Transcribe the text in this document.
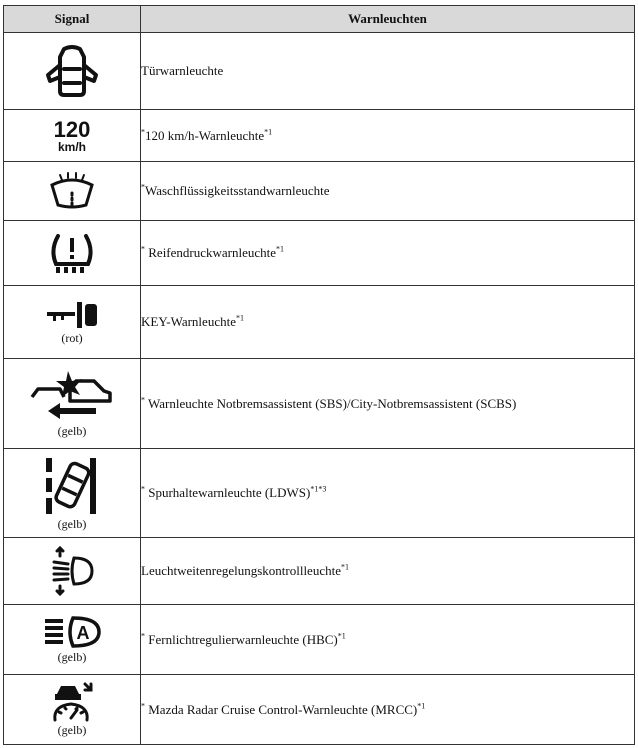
Signal	Warnleuchten

	Türwarnleuchte

120
km/h	*120 km/h-Warnleuchte$^{*1}$

	*Waschflüssigkeitsstandwarnleuchte

	* Reifendruckwarnleuchte$^{*1}$

(rot)	KEY-Warnleuchte$^{*1}$

(gelb)	* Warnleuchte Notbremsassistent (SBS)/City-Notbremsassistent (SCBS)

(gelb)	* Spurhaltewarnleuchte (LDWS)$^{*1*3}$

	Leuchtweitenregelungskontrollleuchte$^{*1}$

A
(gelb)	* Fernlichtregulierwarnleuchte (HBC)$^{*1}$

(gelb)	* Mazda Radar Cruise Control-Warnleuchte (MRCC)$^{*1}$
